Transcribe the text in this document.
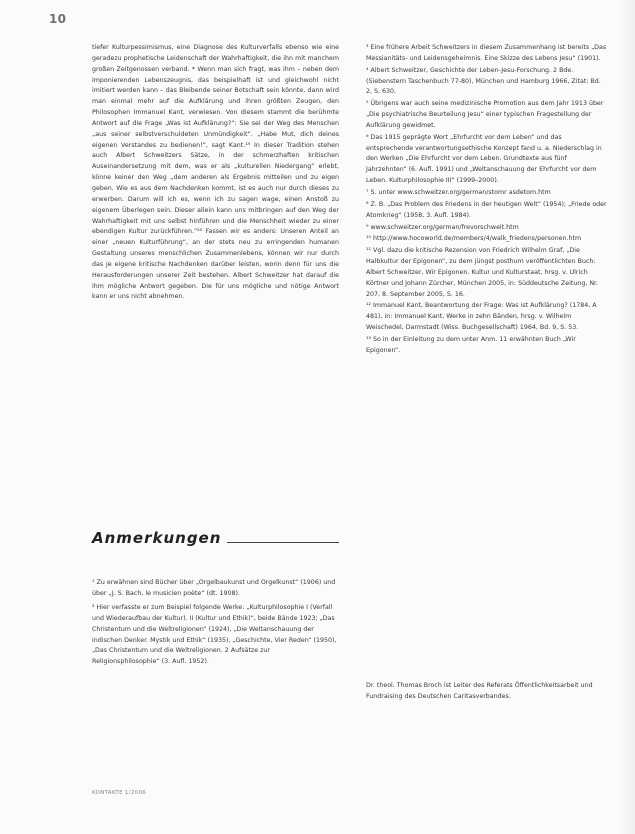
10

tiefer Kulturpessimismus, eine Diagnose des Kulturverfalls ebenso wie eine geradezu prophetische Leidenschaft der Wahrhaftigkeit, die ihn mit manchem großen Zeitgenossen verband. * Wenn man sich fragt, was ihm – neben dem imponierenden Lebenszeugnis, das beispielhaft ist und gleichwohl nicht imitiert werden kann – das Bleibende seiner Botschaft sein könnte, dann wird man einmal mehr auf die Aufklärung und ihren größten Zeugen, den Philosophen Immanuel Kant, verwiesen. Von diesem stammt die berühmte Antwort auf die Frage „Was ist Aufklärung?“: Sie sei der Weg des Menschen „aus seiner selbstverschuldeten Unmündigkeit“. „Habe Mut, dich deines eigenen Verstandes zu bedienen!“, sagt Kant.¹⁹ In dieser Tradition stehen auch Albert Schweitzers Sätze, in der schmerzhaften kritischen Auseinandersetzung mit dem, was er als „kulturellen Niedergang“ erlebt, könne keiner den Weg „dem anderen als Ergebnis mitteilen und zu eigen geben. Wie es aus dem Nachdenken kommt, ist es auch nur durch dieses zu erwerben. Darum will ich es, wenn ich zu sagen wage, einen Anstoß zu eigenem Überlegen sein. Dieser allein kann uns mitbringen auf den Weg der Wahrhaftigkeit mit uns selbst hinführen und die Menschheit wieder zu einer ebendigen Kultur zurückführen.“²⁰ Fassen wir es anders: Unseren Anteil an einer „neuen Kulturführung“, an der stets neu zu erringenden humanen Gestaltung unseres menschlichen Zusammenlebens, können wir nur durch das je eigene kritische Nachdenken darüber leisten, worin denn für uns die Herausforderungen unserer Zeit bestehen. Albert Schweitzer hat darauf die ihm mögliche Antwort gegeben. Die für uns mögliche und nötige Antwort kann er uns nicht abnehmen.

Anmerkungen

¹ Zu erwähnen sind Bücher über „Orgelbaukunst und Orgelkunst“ (1906) und über „J. S. Bach, le musicien poète“ (dt. 1908).

² Hier verfasste er zum Beispiel folgende Werke: „Kulturphilosophie I (Verfall und Wiederaufbau der Kultur). II (Kultur und Ethik)“, beide Bände 1923; „Das Christentum und die Weltreligionen“ (1924), „Die Weltanschauung der indischen Denker. Mystik und Ethik“ (1935), „Geschichte, Vier Reden“ (1950), „Das Christentum und die Weltreligionen. 2 Aufsätze zur Religionsphilosophie“ (3. Aufl. 1952).

³ Eine frühere Arbeit Schweitzers in diesem Zusammenhang ist bereits „Das Messianitäts- und Leidensgeheimnis. Eine Skizze des Lebens Jesu“ (1901).

⁴ Albert Schweitzer, Geschichte der Leben-Jesu-Forschung. 2 Bde. (Siebenstern Taschenbuch 77-80), München und Hamburg 1966, Zitat: Bd. 2, S. 630.

⁵ Übrigens war auch seine medizinische Promotion aus dem Jahr 1913 über „Die psychiatrische Beurteilung Jesu“ einer typischen Fragestellung der Aufklärung gewidmet.

⁶ Das 1915 geprägte Wort „Ehrfurcht vor dem Leben“ und das entsprechende verantwortungsethische Konzept fand u. a. Niederschlag in den Werken „Die Ehrfurcht vor dem Leben. Grundtexte aus fünf Jahrzehnten“ (6. Aufl. 1991) und „Weltanschauung der Ehrfurcht vor dem Leben. Kulturphilosophie III“ (1999–2000).

⁷ S. unter www.schweitzer.org/german/stomr asdetom.htm

⁸ Z. B. „Das Problem des Friedens in der heutigen Welt“ (1954); „Friede oder Atomkrieg“ (1958, 3. Aufl. 1984).

⁹ www.schweitzer.org/german/frevorschweit.htm

¹⁰ http://www.hocoworld.de/members/4/walk_friedens/personen.htm

¹¹ Vgl. dazu die kritische Rezension von Friedrich Wilhelm Graf, „Die Halbkultur der Epigonen“, zu dem jüngst posthum veröffentlichten Buch: Albert Schweitzer, Wir Epigonen. Kultur und Kulturstaat, hrsg. v. Ulrich Körtner und Johann Zürcher, München 2005, in: Süddeutsche Zeitung, Nr. 207, 8. September 2005, S. 16.

¹² Immanuel Kant, Beantwortung der Frage: Was ist Aufklärung? (1784, A 481), in: Immanuel Kant, Werke in zehn Bänden, hrsg. v. Wilhelm Weischedel, Darmstadt (Wiss. Buchgesellschaft) 1964, Bd. 9, S. 53.

¹³ So in der Einleitung zu dem unter Anm. 11 erwähnten Buch „Wir Epigonen“.

Dr. theol. Thomas Broch ist Leiter des Referats Öffentlichkeitsarbeit und Fundraising des Deutschen Caritasverbandes.
KONTAKTE 1/2006
